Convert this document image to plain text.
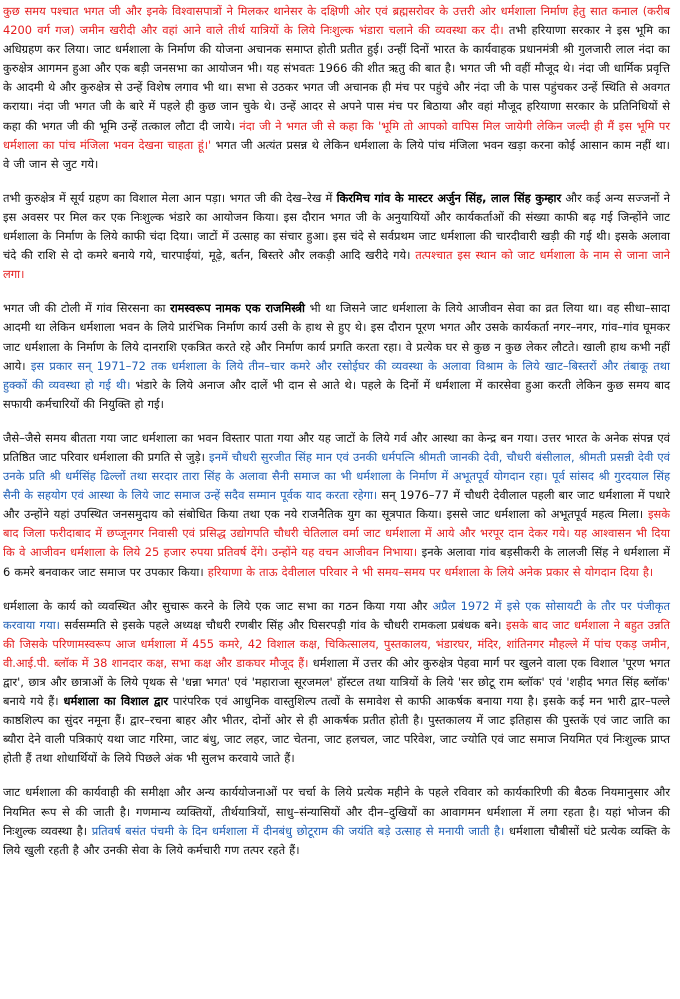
कुछ समय पश्चात भगत जी और इनके विश्वासपात्रों ने मिलकर थानेसर के दक्षिणी ओर एवं ब्रह्मसरोवर के उत्तरी ओर धर्मशाला निर्माण हेतु सात कनाल (करीब 4200 वर्ग गज) जमीन खरीदी और वहां आने वाले तीर्थ यात्रियों के लिये निःशुल्क भंडारा चलाने की व्यवस्था कर दी। तभी हरियाणा सरकार ने इस भूमि का अधिग्रहण कर लिया। जाट धर्मशाला के निर्माण की योजना अचानक समाप्त होती प्रतीत हुई। उन्हीं दिनों भारत के कार्यवाहक प्रधानमंत्री श्री गुलजारी लाल नंदा का कुरुक्षेत्र आगमन हुआ और एक बड़ी जनसभा का आयोजन भी। यह संभवतः 1966 की शीत ऋतु की बात है। भगत जी भी वहीं मौजूद थे। नंदा जी धार्मिक प्रवृत्ति के आदमी थे और कुरुक्षेत्र से उन्हें विशेष लगाव भी था। सभा से उठकर भगत जी अचानक ही मंच पर पहुंचे और नंदा जी के पास पहुंचकर उन्हें स्थिति से अवगत कराया। नंदा जी भगत जी के बारे में पहले ही कुछ जान चुके थे। उन्हें आदर से अपने पास मंच पर बिठाया और वहां मौजूद हरियाणा सरकार के प्रतिनिधियों से कहा की भगत जी की भूमि उन्हें तत्काल लौटा दी जाये। नंदा जी ने भगत जी से कहा कि 'भूमि तो आपको वापिस मिल जायेगी लेकिन जल्दी ही मैं इस भूमि पर धर्मशाला का पांच मंजिला भवन देखना चाहता हूं।' भगत जी अत्यंत प्रसन्न थे लेकिन धर्मशाला के लिये पांच मंजिला भवन खड़ा करना कोई आसान काम नहीं था। वे जी जान से जुट गये।

तभी कुरुक्षेत्र में सूर्य ग्रहण का विशाल मेला आन पड़ा। भगत जी की देख–रेख में किरमिच गांव के मास्टर अर्जुन सिंह, लाल सिंह कुम्हार और कई अन्य सज्जनों ने इस अवसर पर मिल कर एक निःशुल्क भंडारे का आयोजन किया। इस दौरान भगत जी के अनुयायियों और कार्यकर्ताओं की संख्या काफी बढ़ गई जिन्होंने जाट धर्मशाला के निर्माण के लिये काफी चंदा दिया। जाटों में उत्साह का संचार हुआ। इस चंदे से सर्वप्रथम जाट धर्मशाला की चारदीवारी खड़ी की गई थी। इसके अलावा चंदे की राशि से दो कमरे बनाये गये, चारपाईयां, मूढ़े, बर्तन, बिस्तरे और लकड़ी आदि खरीदे गये। तत्पश्चात इस स्थान को जाट धर्मशाला के नाम से जाना जाने लगा।

भगत जी की टोली में गांव सिरसना का रामस्वरूप नामक एक राजमिस्त्री भी था जिसने जाट धर्मशाला के लिये आजीवन सेवा का व्रत लिया था। वह सीधा–सादा आदमी था लेकिन धर्मशाला भवन के लिये प्रारंभिक निर्माण कार्य उसी के हाथ से हुए थे। इस दौरान पूरण भगत और उसके कार्यकर्ता नगर–नगर, गांव–गांव घूमकर जाट धर्मशाला के निर्माण के लिये दानराशि एकत्रित करते रहे और निर्माण कार्य प्रगति करता रहा। वे प्रत्येक घर से कुछ न कुछ लेकर लौटते। खाली हाथ कभी नहीं आये। इस प्रकार सन् 1971–72 तक धर्मशाला के लिये तीन–चार कमरे और रसोईघर की व्यवस्था के अलावा विश्राम के लिये खाट–बिस्तरों और तंबाकू तथा हुक्कों की व्यवस्था हो गई थी। भंडारे के लिये अनाज और दालें भी दान से आते थे। पहले के दिनों में धर्मशाला में कारसेवा हुआ करती लेकिन कुछ समय बाद सफायी कर्मचारियों की नियुक्ति हो गई।

जैसे–जैसे समय बीतता गया जाट धर्मशाला का भवन विस्तार पाता गया और यह जाटों के लिये गर्व और आस्था का केन्द्र बन गया। उत्तर भारत के अनेक संपन्न एवं प्रतिष्ठित जाट परिवार धर्मशाला की प्रगति से जुड़े। इनमें चौधरी सुरजीत सिंह मान एवं उनकी धर्मपत्नि श्रीमती जानकी देवी, चौधरी बंसीलाल, श्रीमती प्रसन्नी देवी एवं उनके प्रति श्री धर्मसिंह ढिल्लों तथा सरदार तारा सिंह के अलावा सैनी समाज का भी धर्मशाला के निर्माण में अभूतपूर्व योगदान रहा। पूर्व सांसद श्री गुरदयाल सिंह सैनी के सहयोग एवं आस्था के लिये जाट समाज उन्हें सदैव सम्मान पूर्वक याद करता रहेगा। सन् 1976–77 में चौधरी देवीलाल पहली बार जाट धर्मशाला में पधारे और उन्होंने यहां उपस्थित जनसमुदाय को संबोधित किया तथा एक नये राजनैतिक युग का सूत्रपात किया। इससे जाट धर्मशाला को अभूतपूर्व महत्व मिला। इसके बाद जिला फरीदाबाद में छप्जूनगर निवासी एवं प्रसिद्ध उद्योगपति चौधरी चेतिलाल वर्मा जाट धर्मशाला में आये और भरपूर दान देकर गये। यह आश्वासन भी दिया कि वे आजीवन धर्मशाला के लिये 25 हजार रुपया प्रतिवर्ष देंगे। उन्होंने यह वचन आजीवन निभाया। इनके अलावा गांव बड़सीकरी के लालजी सिंह ने धर्मशाला में 6 कमरे बनवाकर जाट समाज पर उपकार किया। हरियाणा के ताऊ देवीलाल परिवार ने भी समय–समय पर धर्मशाला के लिये अनेक प्रकार से योगदान दिया है।

धर्मशाला के कार्य को व्यवस्थित और सुचारू करने के लिये एक जाट सभा का गठन किया गया और अप्रैल 1972 में इसे एक सोसायटी के तौर पर पंजीकृत करवाया गया। सर्वसम्मति से इसके पहले अध्यक्ष चौधरी रणबीर सिंह और घिसरपड़ी गांव के चौधरी रामकला प्रबंधक बने। इसके बाद जाट धर्मशाला ने बहुत उन्नति की जिसके परिणामस्वरूप आज धर्मशाला में 455 कमरे, 42 विशाल कक्ष, चिकित्सालय, पुस्तकालय, भंडारघर, मंदिर, शांतिनगर मौहल्ले में पांच एकड़ जमीन, वी.आई.पी. ब्लॉक में 38 शानदार कक्ष, सभा कक्ष और डाकघर मौजूद हैं। धर्मशाला में उत्तर की ओर कुरुक्षेत्र पेहवा मार्ग पर खुलने वाला एक विशाल 'पूरण भगत द्वार', छात्र और छात्राओं के लिये पृथक से 'धन्ना भगत' एवं 'महाराजा सूरजमल' हॉस्टल तथा यात्रियों के लिये 'सर छोटू राम ब्लॉक' एवं 'शहीद भगत सिंह ब्लॉक' बनाये गये हैं। धर्मशाला का विशाल द्वार पारंपरिक एवं आधुनिक वास्तुशिल्प तत्वों के समावेश से काफी आकर्षक बनाया गया है। इसके कई मन भारी द्वार–पल्ले काष्ठशिल्प का सुंदर नमूना हैं। द्वार–रचना बाहर और भीतर, दोनों ओर से ही आकर्षक प्रतीत होती है। पुस्तकालय में जाट इतिहास की पुस्तकें एवं जाट जाति का ब्यौरा देने वाली पत्रिकाएं यथा जाट गरिमा, जाट बंधु, जाट लहर, जाट चेतना, जाट हलचल, जाट परिवेश, जाट ज्योति एवं जाट समाज नियमित एवं निःशुल्क प्राप्त होती हैं तथा शोधार्थियों के लिये पिछले अंक भी सुलभ करवाये जाते हैं।

जाट धर्मशाला की कार्यवाही की समीक्षा और अन्य कार्ययोजनाओं पर चर्चा के लिये प्रत्येक महीने के पहले रविवार को कार्यकारिणी की बैठक नियमानुसार और नियमित रूप से की जाती है। गणमान्य व्यक्तियों, तीर्थयात्रियों, साधु–संन्यासियों और दीन–दुखियों का आवागमन धर्मशाला में लगा रहता है। यहां भोजन की निःशुल्क व्यवस्था है। प्रतिवर्ष बसंत पंचमी के दिन धर्मशाला में दीनबंधु छोटूराम की जयंति बड़े उत्साह से मनायी जाती है। धर्मशाला चौबीसों घंटे प्रत्येक व्यक्ति के लिये खुली रहती है और उनकी सेवा के लिये कर्मचारी गण तत्पर रहते हैं।
